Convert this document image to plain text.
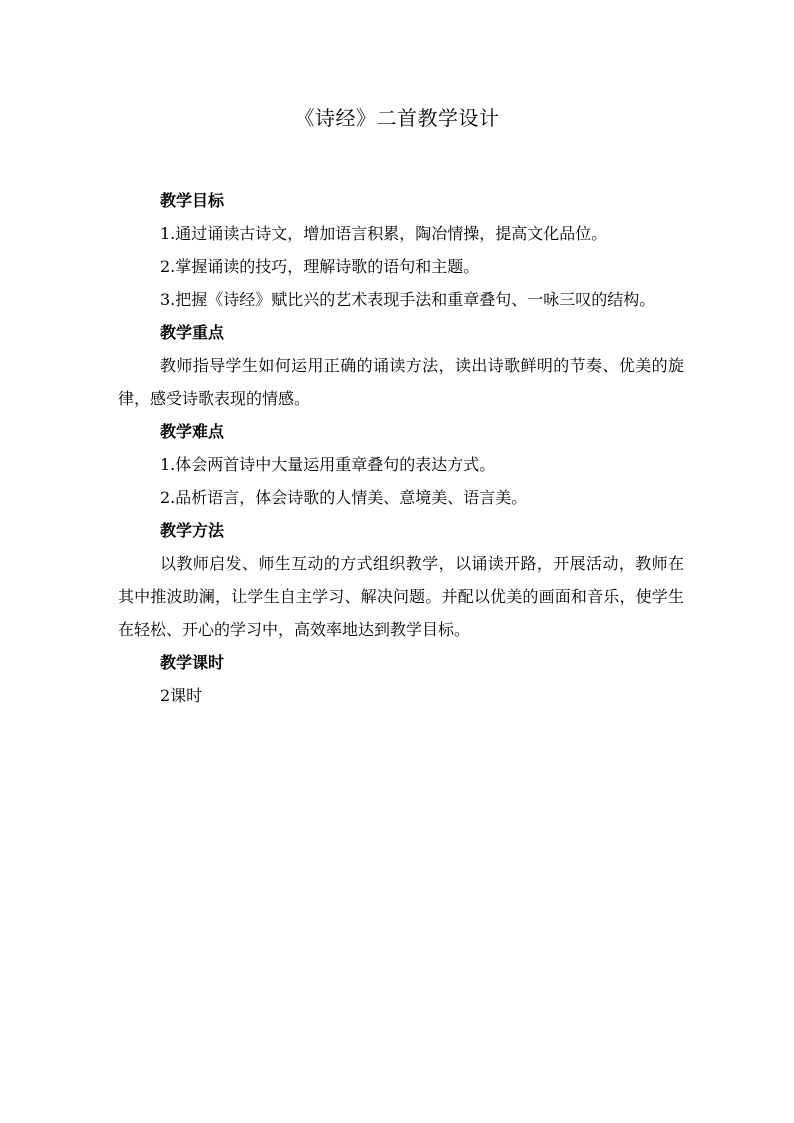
《诗经》二首教学设计

教学目标

1.通过诵读古诗文，增加语言积累，陶冶情操，提高文化品位。

2.掌握诵读的技巧，理解诗歌的语句和主题。

3.把握《诗经》赋比兴的艺术表现手法和重章叠句、一咏三叹的结构。

教学重点

教师指导学生如何运用正确的诵读方法，读出诗歌鲜明的节奏、优美的旋律，感受诗歌表现的情感。

教学难点

1.体会两首诗中大量运用重章叠句的表达方式。

2.品析语言，体会诗歌的人情美、意境美、语言美。

教学方法

以教师启发、师生互动的方式组织教学，以诵读开路，开展活动，教师在其中推波助澜，让学生自主学习、解决问题。并配以优美的画面和音乐，使学生在轻松、开心的学习中，高效率地达到教学目标。

教学课时

2课时
